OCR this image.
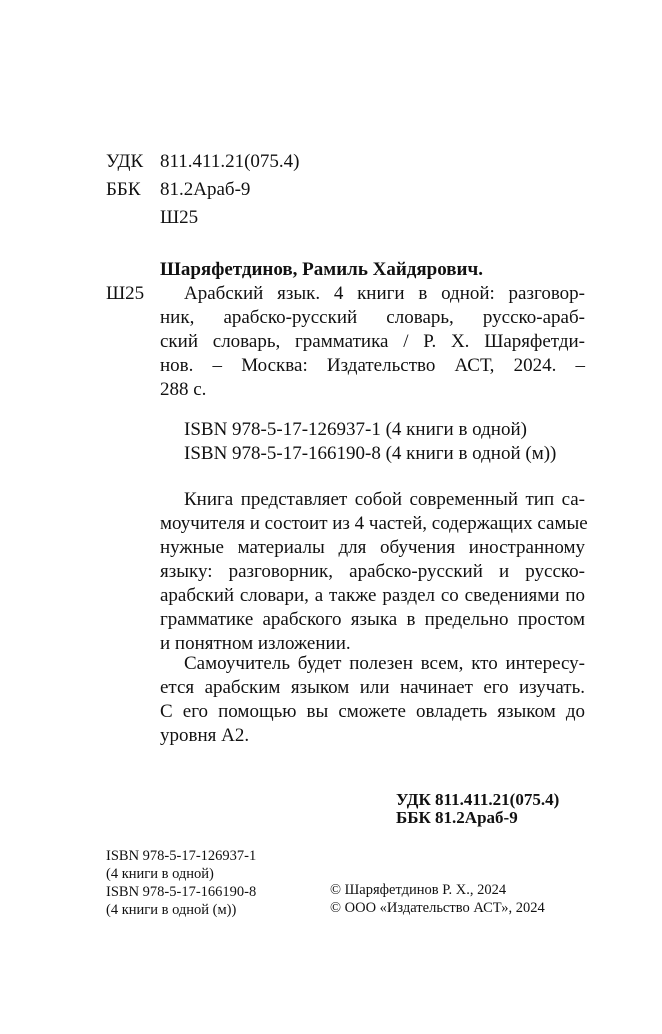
УДК 811.411.21(075.4)
ББК 81.2Араб-9
Ш25
Шаряфетдинов, Рамиль Хайдярович.
Ш25 Арабский язык. 4 книги в одной: разговор-
ник, арабско-русский словарь, русско-араб-
ский словарь, грамматика / Р. Х. Шаряфетди-
нов. – Москва: Издательство АСТ, 2024. –
288 с.
ISBN 978-5-17-126937-1 (4 книги в одной)
ISBN 978-5-17-166190-8 (4 книги в одной (м))
Книга представляет собой современный тип са-
моучителя и состоит из 4 частей, содержащих самые
нужные материалы для обучения иностранному
языку: разговорник, арабско-русский и русско-
арабский словари, а также раздел со сведениями по
грамматике арабского языка в предельно простом
и понятном изложении.
Самоучитель будет полезен всем, кто интересу-
ется арабским языком или начинает его изучать.
С его помощью вы сможете овладеть языком до
уровня А2.
УДК 811.411.21(075.4)
ББК 81.2Араб-9
ISBN 978-5-17-126937-1
(4 книги в одной)
ISBN 978-5-17-166190-8
(4 книги в одной (м))
© Шаряфетдинов Р. Х., 2024
© ООО «Издательство АСТ», 2024
